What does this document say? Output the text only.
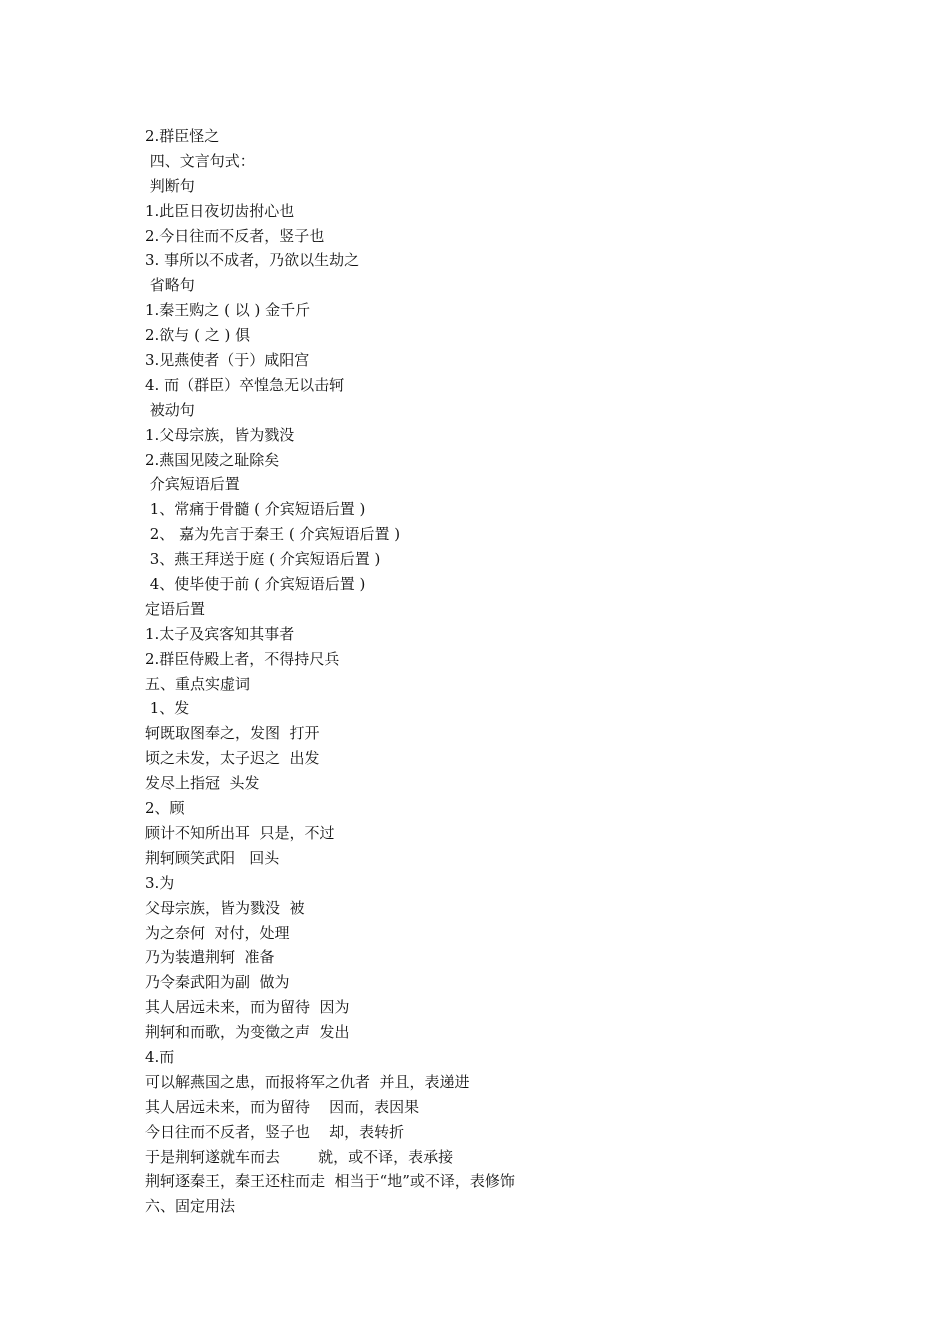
2.群臣怪之
四、文言句式：
判断句
1.此臣日夜切齿拊心也
2.今日往而不反者，竖子也
3. 事所以不成者，乃欲以生劫之
省略句
1.秦王购之 ( 以 ) 金千斤
2.欲与 ( 之 ) 俱
3.见燕使者（于）咸阳宫
4. 而（群臣）卒惶急无以击轲
被动句
1.父母宗族，皆为戮没
2.燕国见陵之耻除矣
介宾短语后置
1、常痛于骨髓 ( 介宾短语后置 )
2、 嘉为先言于秦王 ( 介宾短语后置 )
3、燕王拜送于庭 ( 介宾短语后置 )
4、使毕使于前 ( 介宾短语后置 )
定语后置
1.太子及宾客知其事者
2.群臣侍殿上者，不得持尺兵
五、重点实虚词
1、发
轲既取图奉之，发图  打开
顷之未发，太子迟之  出发
发尽上指冠  头发
2、顾
顾计不知所出耳  只是，不过
荆轲顾笑武阳   回头
3.为
父母宗族，皆为戮没  被
为之奈何  对付，处理
乃为装遣荆轲  准备
乃令秦武阳为副  做为
其人居远未来，而为留待  因为
荆轲和而歌，为变徵之声  发出
4.而
可以解燕国之患，而报将军之仇者  并且，表递进
其人居远未来，而为留待    因而，表因果
今日往而不反者，竖子也    却，表转折
于是荆轲遂就车而去        就，或不译，表承接
荆轲逐秦王，秦王还柱而走  相当于“地”或不译，表修饰
六、固定用法
